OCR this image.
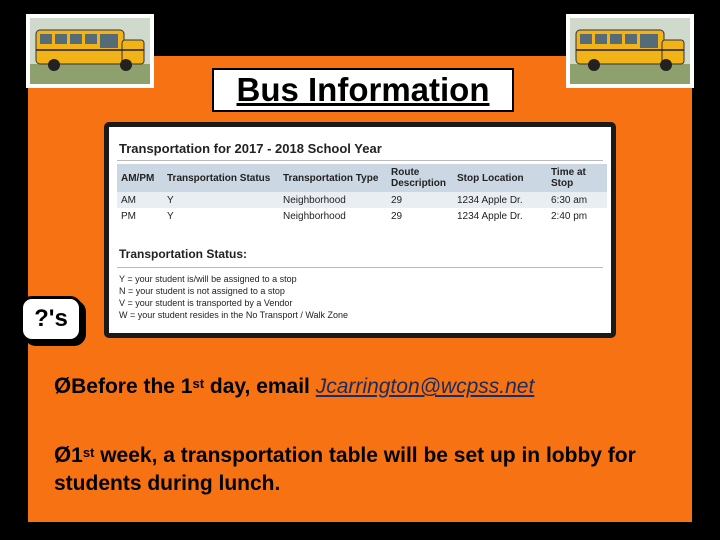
Bus Information
Transportation for 2017 - 2018 School Year
AM/PM	Transportation Status	Transportation Type	Route Description	Stop Location	Time at Stop
AM	Y	Neighborhood	29	1234 Apple Dr.	6:30 am
PM	Y	Neighborhood	29	1234 Apple Dr.	2:40 pm
Transportation Status:
Y = your student is/will be assigned to a stop
N = your student is not assigned to a stop
V = your student is transported by a Vendor
W = your student resides in the No Transport / Walk Zone
?'s
ØBefore the 1st day, email Jcarrington@wcpss.net
Ø1st week, a transportation table will be set up in lobby for students during lunch.
